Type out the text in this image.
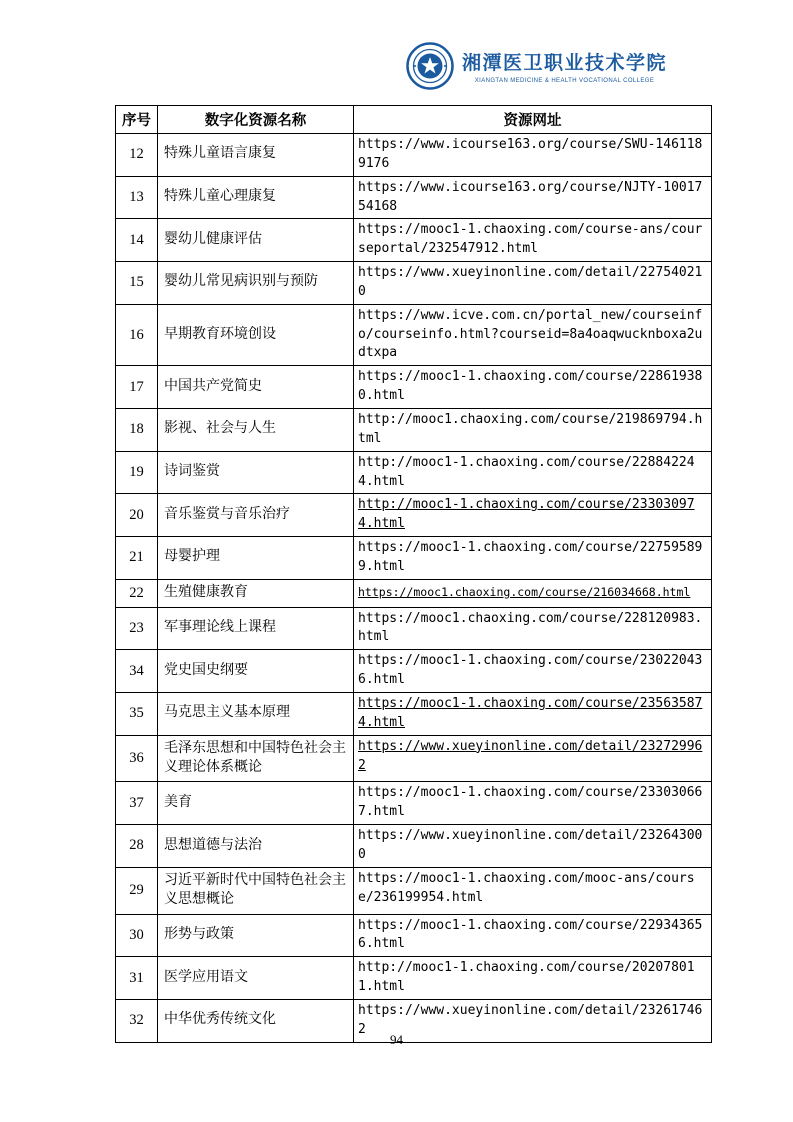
湘潭医卫职业技术学院
XIANGTAN MEDICINE & HEALTH VOCATIONAL COLLEGE
序号	数字化资源名称	资源网址
12	特殊儿童语言康复	https://www.icourse163.org/course/SWU-1461189176
13	特殊儿童心理康复	https://www.icourse163.org/course/NJTY-1001754168
14	婴幼儿健康评估	https://mooc1-1.chaoxing.com/course-ans/courseportal/232547912.html
15	婴幼儿常见病识别与预防	https://www.xueyinonline.com/detail/227540210
16	早期教育环境创设	https://www.icve.com.cn/portal_new/courseinfo/courseinfo.html?courseid=8a4oaqwucknboxa2udtxpa
17	中国共产党简史	https://mooc1-1.chaoxing.com/course/228619380.html
18	影视、社会与人生	http://mooc1.chaoxing.com/course/219869794.html
19	诗词鉴赏	http://mooc1-1.chaoxing.com/course/228842244.html
20	音乐鉴赏与音乐治疗	http://mooc1-1.chaoxing.com/course/233030974.html
21	母婴护理	https://mooc1-1.chaoxing.com/course/227595899.html
22	生殖健康教育	https://mooc1.chaoxing.com/course/216034668.html
23	军事理论线上课程	https://mooc1.chaoxing.com/course/228120983.html
34	党史国史纲要	https://mooc1-1.chaoxing.com/course/230220436.html
35	马克思主义基本原理	https://mooc1-1.chaoxing.com/course/235635874.html
36	毛泽东思想和中国特色社会主义理论体系概论	https://www.xueyinonline.com/detail/232729962
37	美育	https://mooc1-1.chaoxing.com/course/233030667.html
28	思想道德与法治	https://www.xueyinonline.com/detail/232643000
29	习近平新时代中国特色社会主义思想概论	https://mooc1-1.chaoxing.com/mooc-ans/course/236199954.html
30	形势与政策	https://mooc1-1.chaoxing.com/course/229343656.html
31	医学应用语文	http://mooc1-1.chaoxing.com/course/202078011.html
32	中华优秀传统文化	https://www.xueyinonline.com/detail/232617462
94
